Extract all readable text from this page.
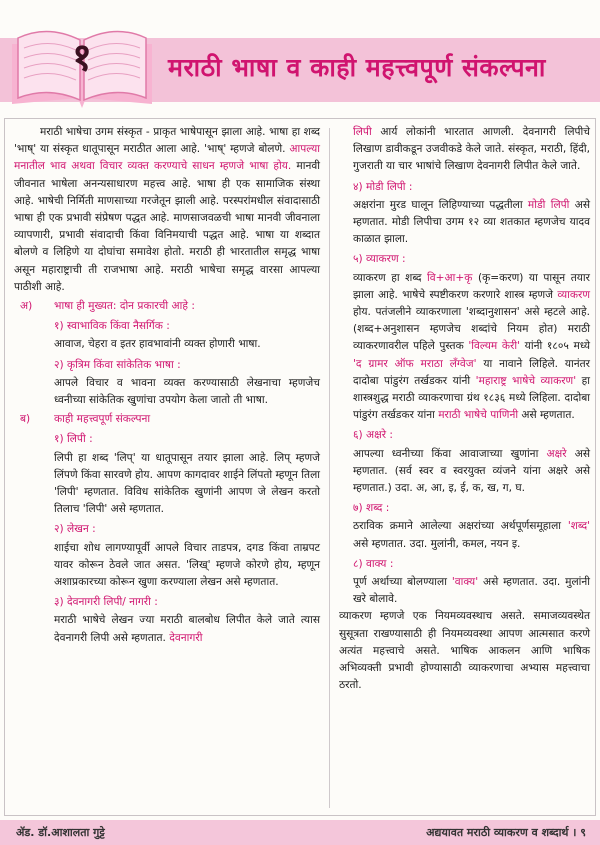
१	मराठी भाषा व काही महत्त्वपूर्ण संकल्पना

मराठी भाषेचा उगम संस्कृत - प्राकृत भाषेपासून झाला आहे. भाषा हा शब्द 'भाष्' या संस्कृत धातूपासून मराठीत आला आहे. 'भाष्' म्हणजे बोलणे. आपल्या मनातील भाव अथवा विचार व्यक्त करण्याचे साधन म्हणजे भाषा होय. मानवी जीवनात भाषेला अनन्यसाधारण महत्त्व आहे. भाषा ही एक सामाजिक संस्था आहे. भाषेची निर्मिती माणसाच्या गरजेतून झाली आहे. परस्परांमधील संवादासाठी भाषा ही एक प्रभावी संप्रेषण पद्धत आहे. माणसाजवळची भाषा मानवी जीवनाला व्यापणारी, प्रभावी संवादाची किंवा विनिमयाची पद्धत आहे. भाषा या शब्दात बोलणे व लिहिणे या दोघांचा समावेश होतो. मराठी ही भारतातील समृद्ध भाषा असून महाराष्ट्राची ती राजभाषा आहे. मराठी भाषेचा समृद्ध वारसा आपल्या पाठीशी आहे.

अ)	भाषा ही मुख्यत: दोन प्रकारची आहे :
१) स्वाभाविक किंवा नैसर्गिक :

आवाज, चेहरा व इतर हावभावांनी व्यक्त होणारी भाषा.

२) कृत्रिम किंवा सांकेतिक भाषा :

आपले विचार व भावना व्यक्त करण्यासाठी लेखनाचा म्हणजेच ध्वनीच्या सांकेतिक खुणांचा उपयोग केला जातो ती भाषा.

ब)	काही महत्त्वपूर्ण संकल्पना
१) लिपी :

लिपी हा शब्द 'लिप्' या धातूपासून तयार झाला आहे. लिप् म्हणजे लिंपणे किंवा सारवणे होय. आपण कागदावर शाईने लिंपतो म्हणून तिला 'लिपी' म्हणतात. विविध सांकेतिक खुणांनी आपण जे लेखन करतो तिलाच 'लिपी' असे म्हणतात.

२) लेखन :

शाईचा शोध लागण्यापूर्वी आपले विचार ताडपत्र, दगड किंवा ताम्रपट यावर कोरून ठेवले जात असत. 'लिख्' म्हणजे कोरणे होय, म्हणून अशाप्रकारच्या कोरून खुणा करण्याला लेखन असे म्हणतात.

३) देवनागरी लिपी/ नागरी :

मराठी भाषेचे लेखन ज्या मराठी बालबोध लिपीत केले जाते त्यास देवनागरी लिपी असे म्हणतात. देवनागरी

लिपी आर्य लोकांनी भारतात आणली. देवनागरी लिपीचे लिखाण डावीकडून उजवीकडे केले जाते. संस्कृत, मराठी, हिंदी, गुजराती या चार भाषांचे लिखाण देवनागरी लिपीत केले जाते.

४) मोडी लिपी :

अक्षरांना मुरड घालून लिहिण्याच्या पद्धतीला मोडी लिपी असे म्हणतात. मोडी लिपीचा उगम १२ व्या शतकात म्हणजेच यादव काळात झाला.

५) व्याकरण :

व्याकरण हा शब्द वि+आ+कृ (कृ=करण) या पासून तयार झाला आहे. भाषेचे स्पष्टीकरण करणारे शास्त्र म्हणजे व्याकरण होय. पतंजलीने व्याकरणाला 'शब्दानुशासन' असे म्हटले आहे. (शब्द+अनुशासन म्हणजेच शब्दांचे नियम होत) मराठी व्याकरणावरील पहिले पुस्तक 'विल्यम केरी' यांनी १८०५ मध्ये 'द ग्रामर ऑफ मराठा लँग्वेज' या नावाने लिहिले. यानंतर दादोबा पांडुरंग तर्खडकर यांनी 'महाराष्ट्र भाषेचे व्याकरण' हा शास्त्रशुद्ध मराठी व्याकरणाचा ग्रंथ १८३६ मध्ये लिहिला. दादोबा पांडुरंग तर्खडकर यांना मराठी भाषेचे पाणिनी असे म्हणतात.

६) अक्षरे :

आपल्या ध्वनीच्या किंवा आवाजाच्या खुणांना अक्षरे असे म्हणतात. (सर्व स्वर व स्वरयुक्त व्यंजने यांना अक्षरे असे म्हणतात.) उदा. अ, आ, इ, ई, क, ख, ग, घ.

७) शब्द :

ठराविक क्रमाने आलेल्या अक्षरांच्या अर्थपूर्णसमूहाला 'शब्द' असे म्हणतात. उदा. मुलांनी, कमल, नयन इ.

८) वाक्य :

पूर्ण अर्थाच्या बोलण्याला 'वाक्य' असे म्हणतात. उदा. मुलांनी खरे बोलावे.

व्याकरण म्हणजे एक नियमव्यवस्थाच असते. समाजव्यवस्थेत सुसूत्रता राखण्यासाठी ही नियमव्यवस्था आपण आत्मसात करणे अत्यंत महत्त्वाचे असते. भाषिक आकलन आणि भाषिक अभिव्यक्ती प्रभावी होण्यासाठी व्याकरणाचा अभ्यास महत्त्वाचा ठरतो.

ॲड. डॉ.आशालता गुट्टे	अद्ययावत मराठी व्याकरण व शब्दार्थ । ९
